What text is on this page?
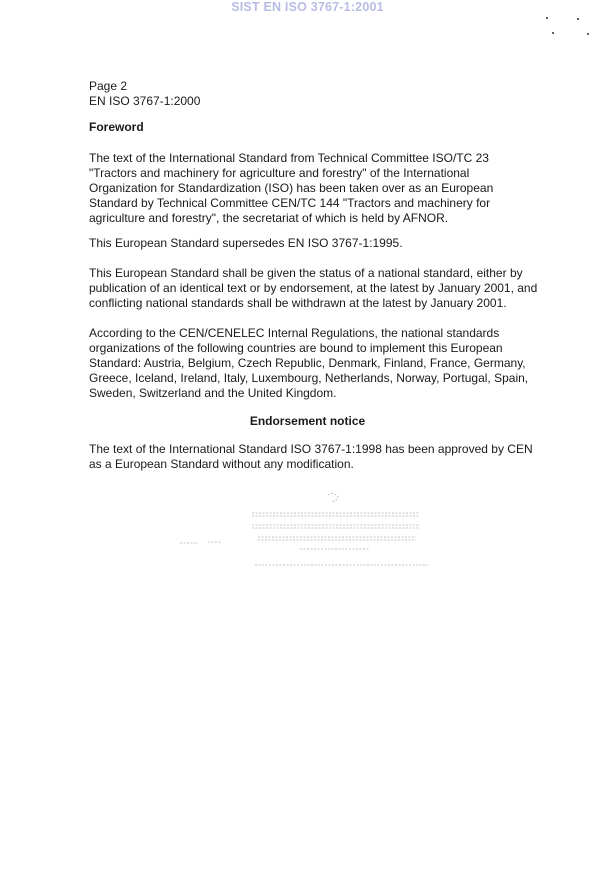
SIST EN ISO 3767-1:2001
Page 2
EN ISO 3767-1:2000
Foreword
The text of the International Standard from Technical Committee ISO/TC 23
"Tractors and machinery for agriculture and forestry" of the International
Organization for Standardization (ISO) has been taken over as an European
Standard by Technical Committee CEN/TC 144 "Tractors and machinery for
agriculture and forestry", the secretariat of which is held by AFNOR.
This European Standard supersedes EN ISO 3767-1:1995.
This European Standard shall be given the status of a national standard, either by
publication of an identical text or by endorsement, at the latest by January 2001, and
conflicting national standards shall be withdrawn at the latest by January 2001.
According to the CEN/CENELEC Internal Regulations, the national standards
organizations of the following countries are bound to implement this European
Standard: Austria, Belgium, Czech Republic, Denmark, Finland, France, Germany,
Greece, Iceland, Ireland, Italy, Luxembourg, Netherlands, Norway, Portugal, Spain,
Sweden, Switzerland and the United Kingdom.
Endorsement notice
The text of the International Standard ISO 3767-1:1998 has been approved by CEN
as a European Standard without any modification.
